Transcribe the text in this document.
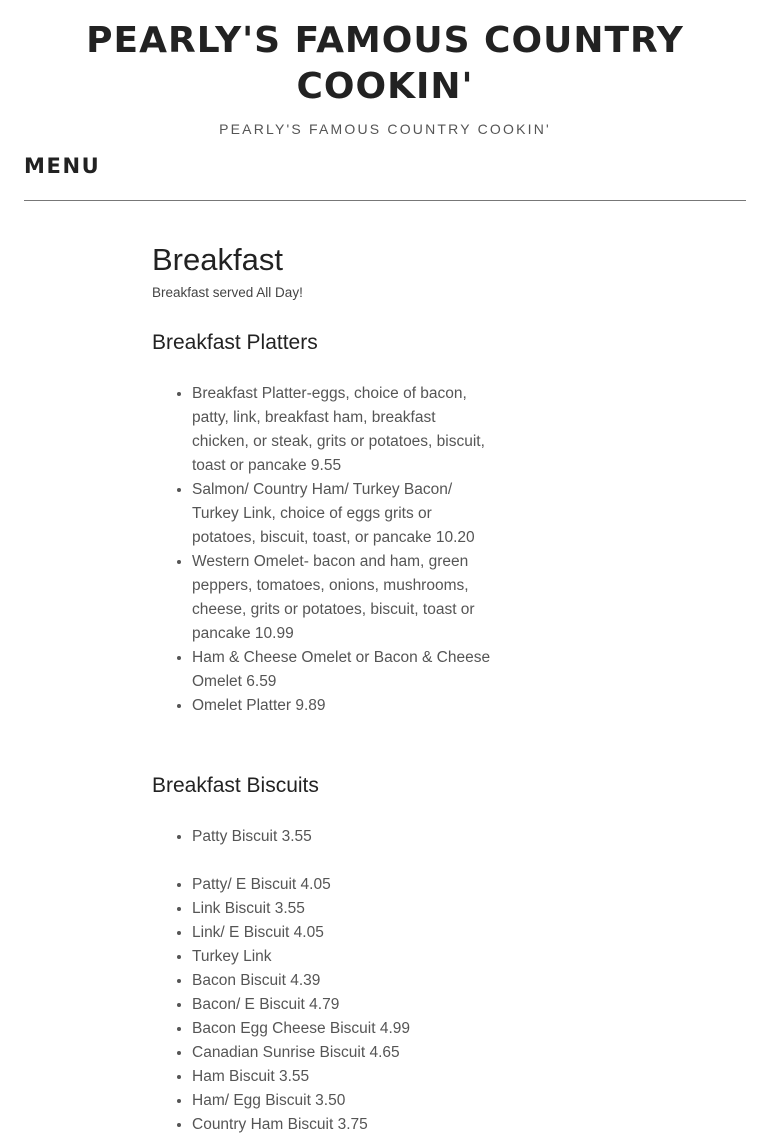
PEARLY'S FAMOUS COUNTRY COOKIN'

PEARLY'S FAMOUS COUNTRY COOKIN'

MENU
Breakfast

Breakfast served All Day!

Breakfast Platters
• Breakfast Platter-eggs, choice of bacon, patty, link, breakfast ham, breakfast chicken, or steak, grits or potatoes, biscuit, toast or pancake 9.55
• Salmon/ Country Ham/ Turkey Bacon/ Turkey Link, choice of eggs grits or potatoes, biscuit, toast, or pancake 10.20
• Western Omelet- bacon and ham, green peppers, tomatoes, onions, mushrooms, cheese, grits or potatoes, biscuit, toast or pancake 10.99
• Ham & Cheese Omelet or Bacon & Cheese Omelet 6.59
• Omelet Platter 9.89
Breakfast Biscuits
• Patty Biscuit 3.55
• Patty/ E Biscuit 4.05
• Link Biscuit 3.55
• Link/ E Biscuit 4.05
• Turkey Link
• Bacon Biscuit 4.39
• Bacon/ E Biscuit 4.79
• Bacon Egg Cheese Biscuit 4.99
• Canadian Sunrise Biscuit 4.65
• Ham Biscuit 3.55
• Ham/ Egg Biscuit 3.50
• Country Ham Biscuit 3.75
